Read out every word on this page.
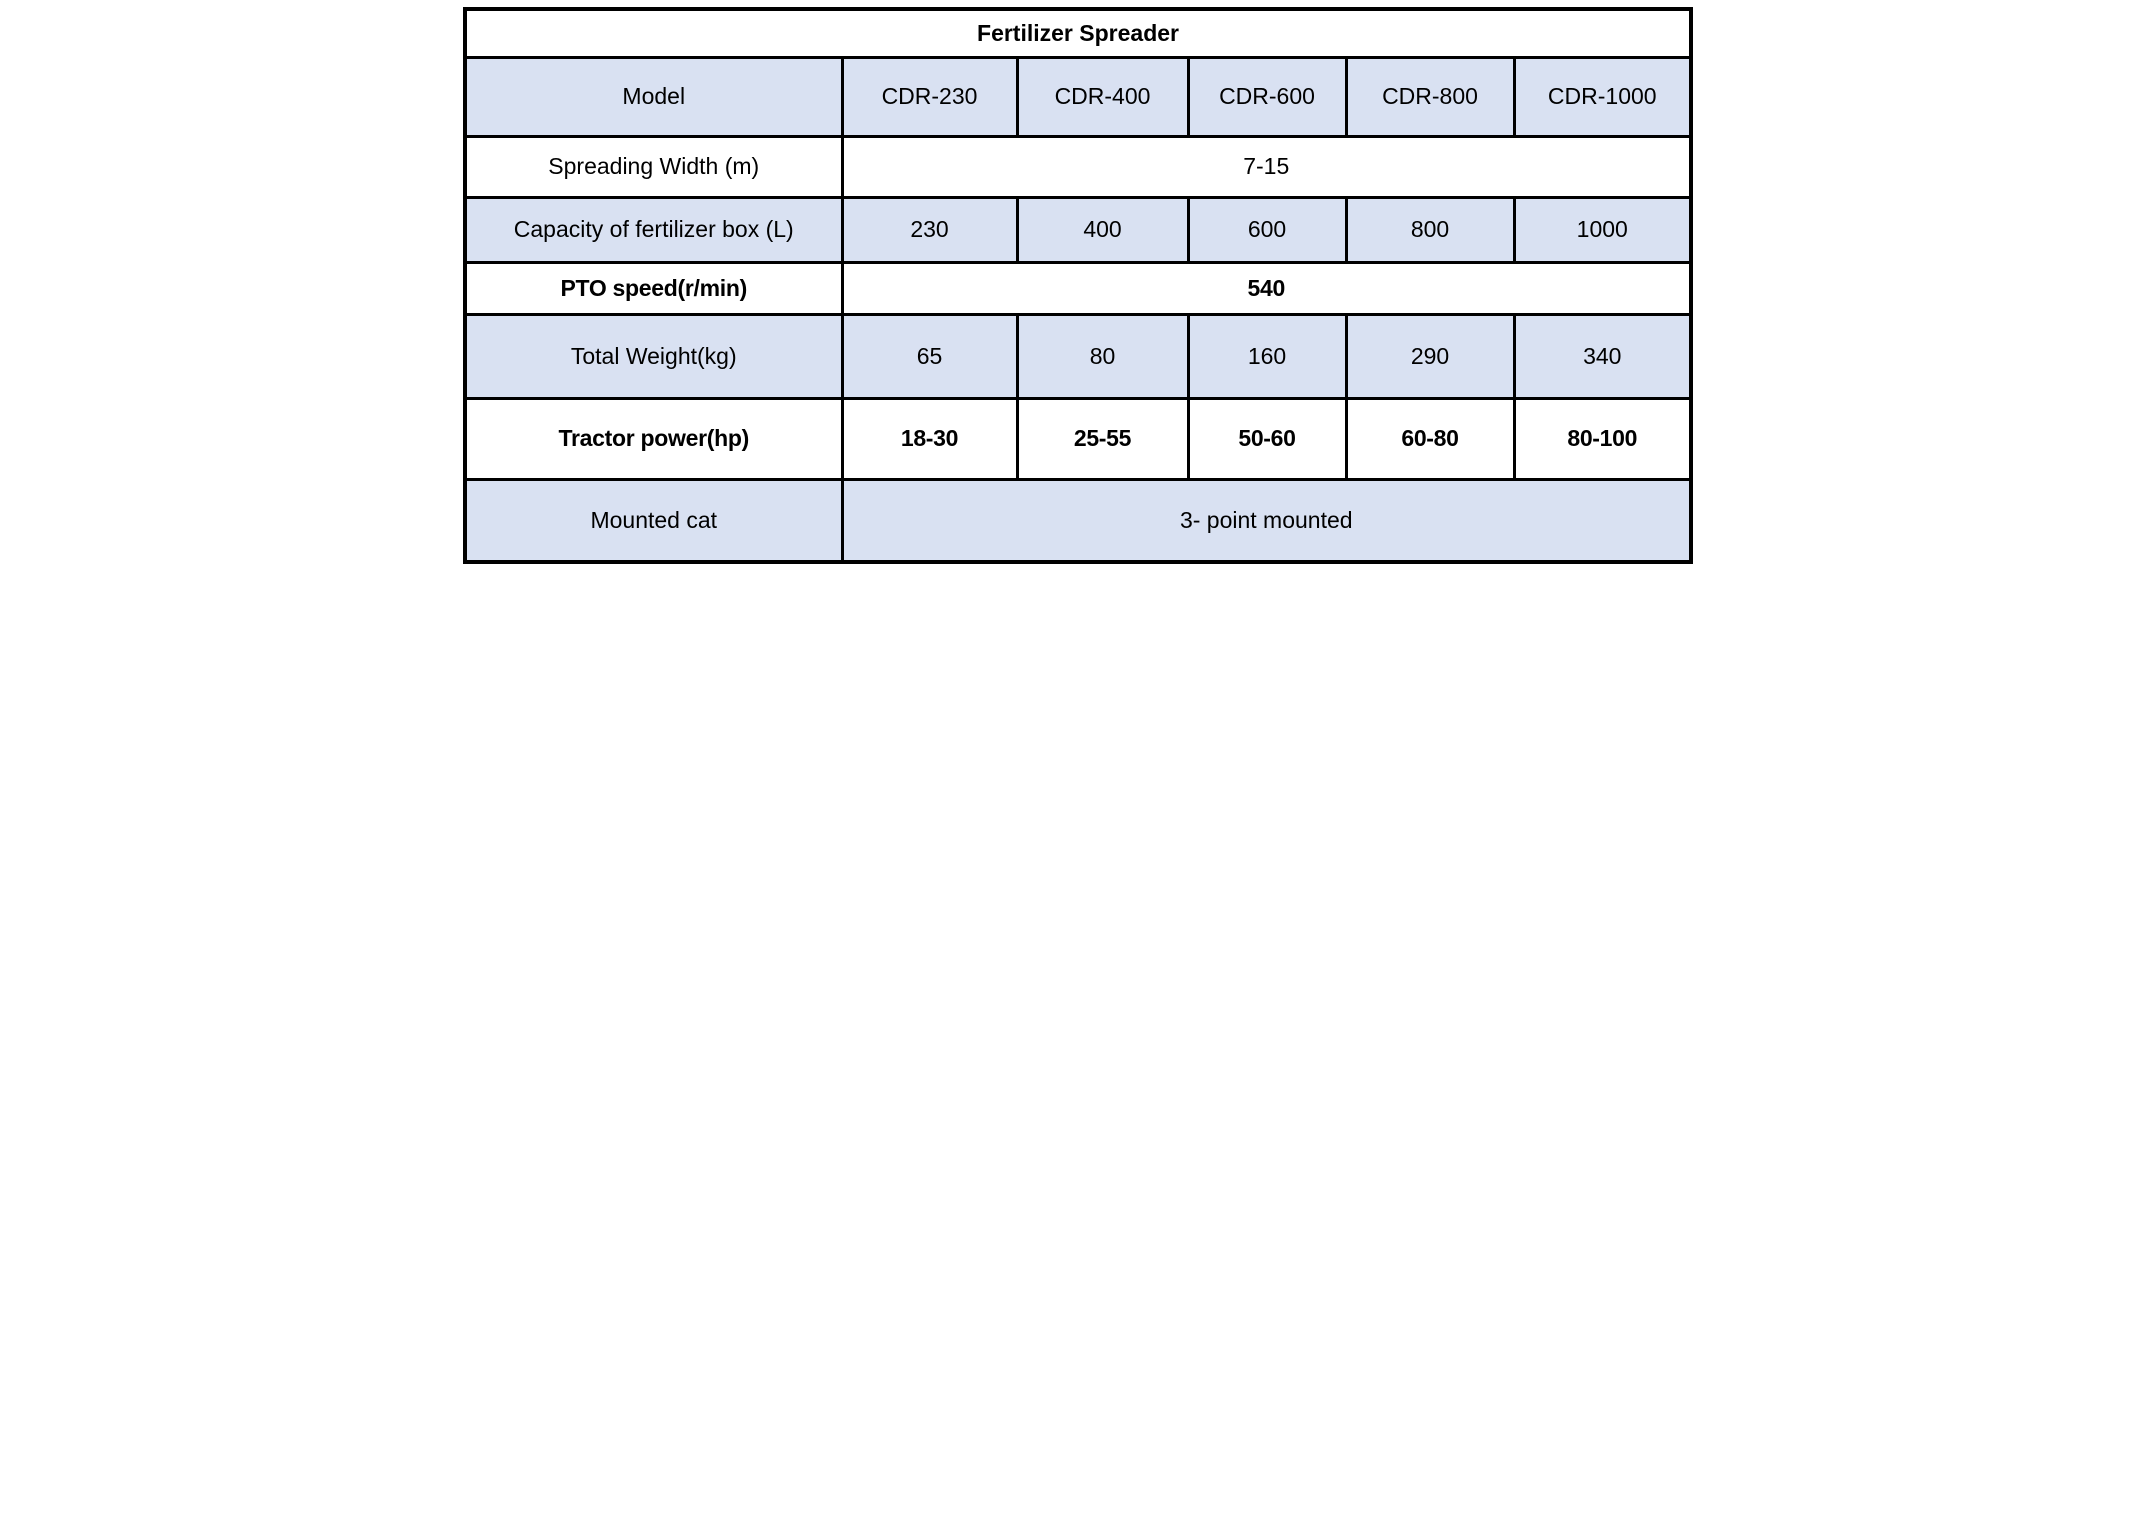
Fertilizer Spreader					
Model	CDR-230	CDR-400	CDR-600	CDR-800	CDR-1000
Spreading Width (m)	7-15				
Capacity of fertilizer box (L)	230	400	600	800	1000
PTO speed(r/min)	540				
Total Weight(kg)	65	80	160	290	340
Tractor power(hp)	18-30	25-55	50-60	60-80	80-100
Mounted cat	3- point mounted				
